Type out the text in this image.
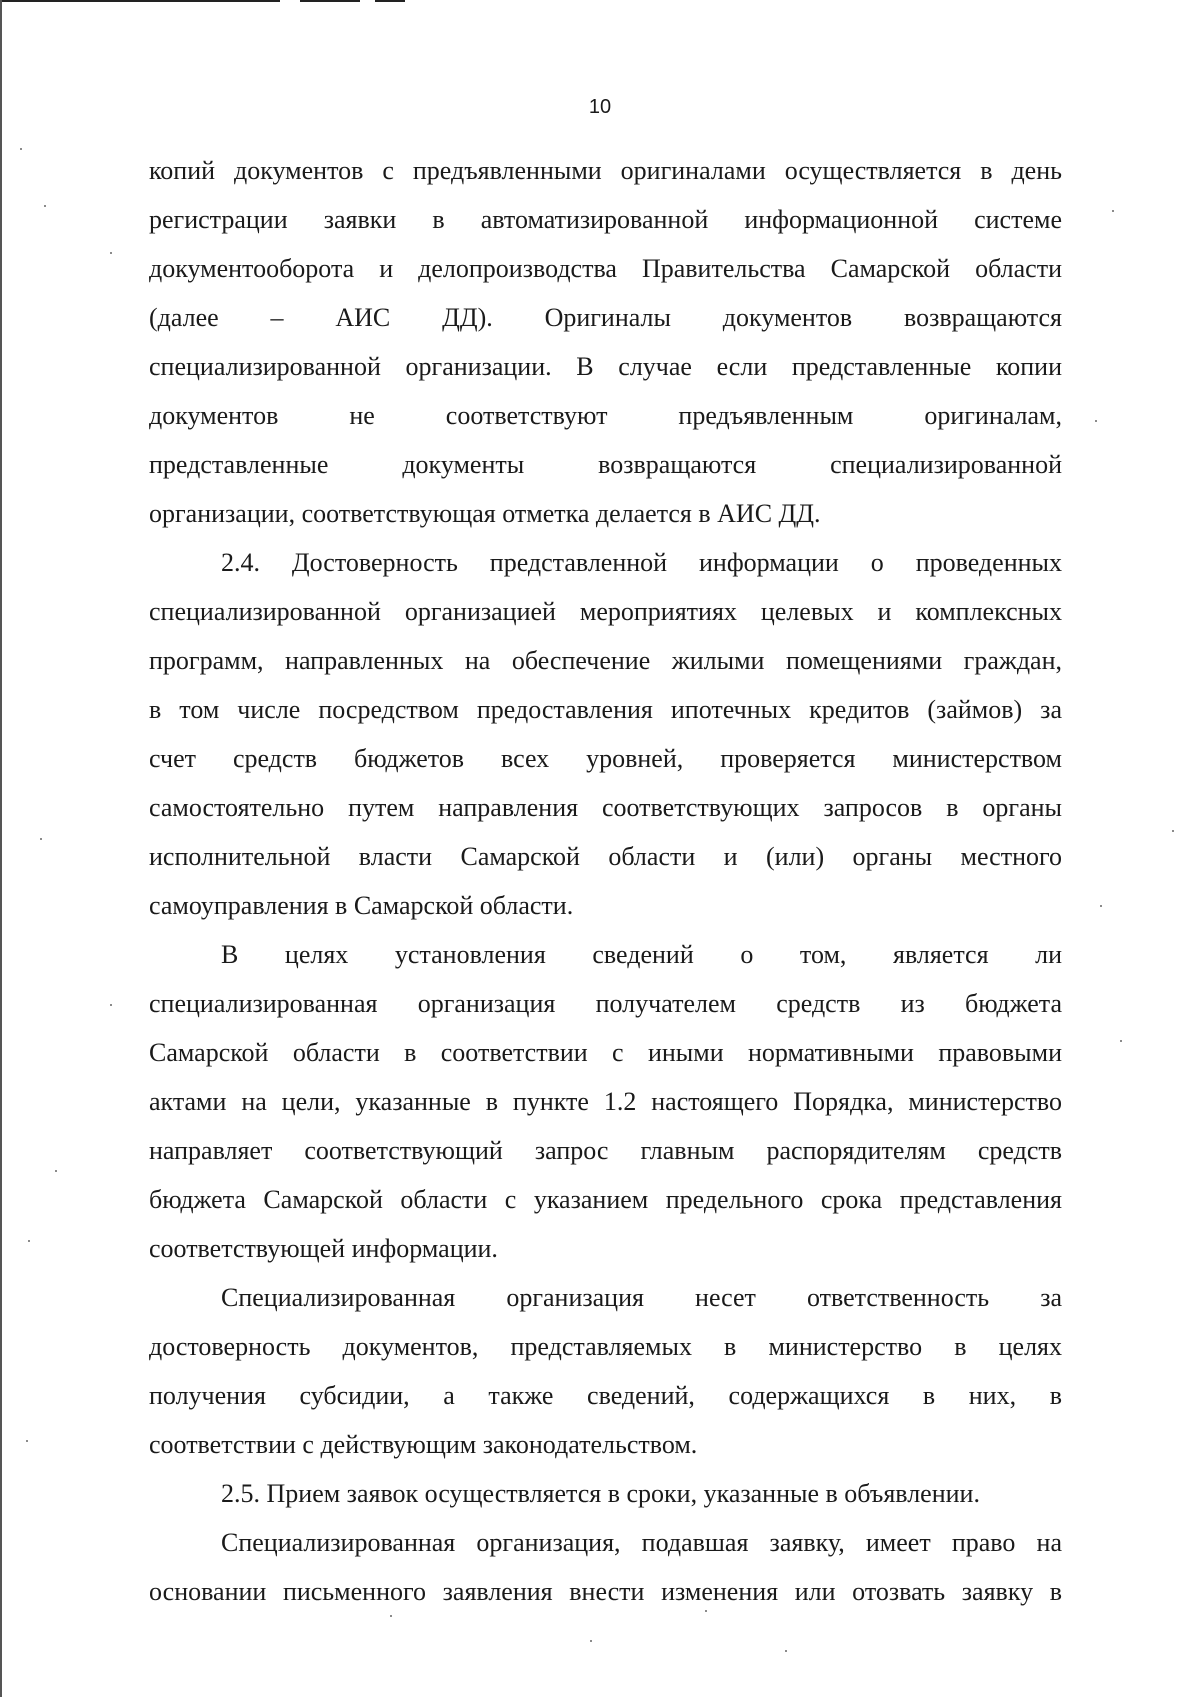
10
копий документов с предъявленными оригиналами осуществляется в день
регистрации заявки в автоматизированной информационной системе
документооборота и делопроизводства Правительства Самарской области
(далее – АИС ДД). Оригиналы документов возвращаются
специализированной организации. В случае если представленные копии
документов не соответствуют предъявленным оригиналам,
представленные документы возвращаются специализированной
организации, соответствующая отметка делается в АИС ДД.
2.4. Достоверность представленной информации о проведенных
специализированной организацией мероприятиях целевых и комплексных
программ, направленных на обеспечение жилыми помещениями граждан,
в том числе посредством предоставления ипотечных кредитов (займов) за
счет средств бюджетов всех уровней, проверяется министерством
самостоятельно путем направления соответствующих запросов в органы
исполнительной власти Самарской области и (или) органы местного
самоуправления в Самарской области.
В целях установления сведений о том, является ли
специализированная организация получателем средств из бюджета
Самарской области в соответствии с иными нормативными правовыми
актами на цели, указанные в пункте 1.2 настоящего Порядка, министерство
направляет соответствующий запрос главным распорядителям средств
бюджета Самарской области с указанием предельного срока представления
соответствующей информации.
Специализированная организация несет ответственность за
достоверность документов, представляемых в министерство в целях
получения субсидии, а также сведений, содержащихся в них, в
соответствии с действующим законодательством.
2.5. Прием заявок осуществляется в сроки, указанные в объявлении.
Специализированная организация, подавшая заявку, имеет право на
основании письменного заявления внести изменения или отозвать заявку в
